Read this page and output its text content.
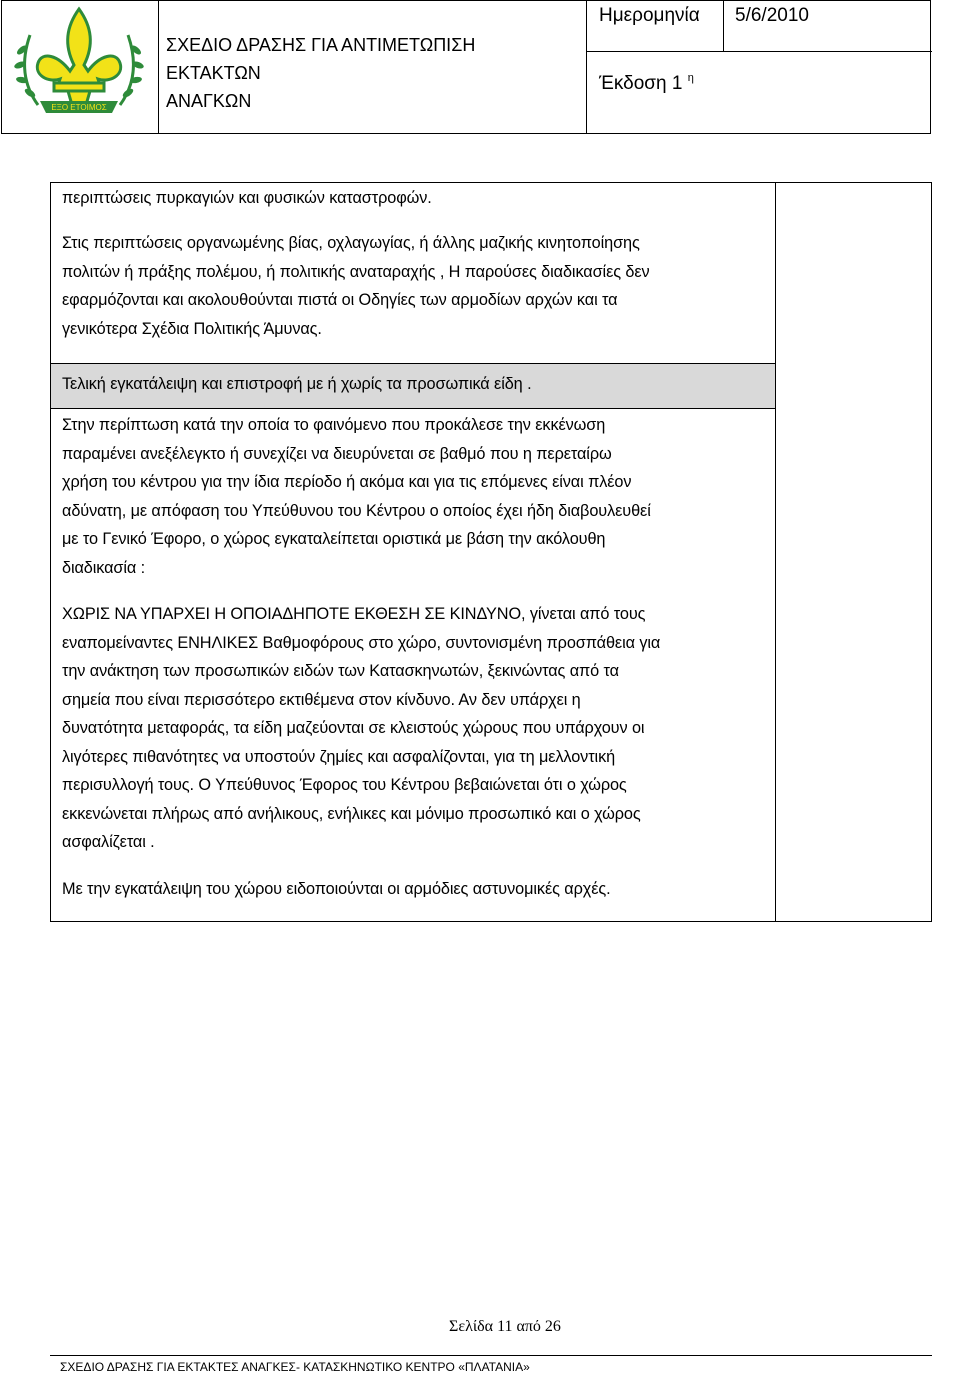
ΕΞΟ ΕΤΟΙΜΟΣ
ΣΧΕΔΙΟ ΔΡΑΣΗΣ ΓΙΑ ΑΝΤΙΜΕΤΩΠΙΣΗ ΕΚΤΑΚΤΩΝ
ΑΝΑΓΚΩΝ
Ημερομηνία 5/6/2010
Έκδοση 1 $^\eta$
περιπτώσεις πυρκαγιών και φυσικών καταστροφών.
Στις περιπτώσεις οργανωμένης βίας, οχλαγωγίας, ή άλλης μαζικής κινητοποίησης
πολιτών ή πράξης πολέμου, ή πολιτικής αναταραχής , Η παρούσες διαδικασίες δεν
εφαρμόζονται και ακολουθούνται πιστά οι Οδηγίες των αρμοδίων αρχών και τα
γενικότερα Σχέδια Πολιτικής Άμυνας.
Τελική εγκατάλειψη και επιστροφή με ή χωρίς τα προσωπικά είδη .
Στην περίπτωση κατά την οποία το φαινόμενο που προκάλεσε την εκκένωση
παραμένει ανεξέλεγκτο ή συνεχίζει να διευρύνεται σε βαθμό που η περεταίρω
χρήση του κέντρου για την ίδια περίοδο ή ακόμα και για τις επόμενες είναι πλέον
αδύνατη, με απόφαση του Υπεύθυνου του Κέντρου ο οποίος έχει ήδη διαβουλευθεί
με το Γενικό Έφορο, ο χώρος εγκαταλείπεται οριστικά με βάση την ακόλουθη
διαδικασία :
ΧΩΡΙΣ ΝΑ ΥΠΑΡΧΕΙ Η ΟΠΟΙΑΔΗΠΟΤΕ ΕΚΘΕΣΗ ΣΕ ΚΙΝΔΥΝΟ, γίνεται από τους
εναπομείναντες ΕΝΗΛΙΚΕΣ Βαθμοφόρους στο χώρο, συντονισμένη προσπάθεια για
την ανάκτηση των προσωπικών ειδών των Κατασκηνωτών, ξεκινώντας από τα
σημεία που είναι περισσότερο εκτιθέμενα στον κίνδυνο. Αν δεν υπάρχει η
δυνατότητα μεταφοράς, τα είδη μαζεύονται σε κλειστούς χώρους που υπάρχουν οι
λιγότερες πιθανότητες να υποστούν ζημίες και ασφαλίζονται, για τη μελλοντική
περισυλλογή τους. Ο Υπεύθυνος Έφορος του Κέντρου βεβαιώνεται ότι ο χώρος
εκκενώνεται πλήρως από ανήλικους, ενήλικες και μόνιμο προσωπικό και ο χώρος
ασφαλίζεται .
Με την εγκατάλειψη του χώρου ειδοποιούνται οι αρμόδιες αστυνομικές αρχές.
Σελίδα 11 από 26
ΣΧΕΔΙΟ ΔΡΑΣΗΣ ΓΙΑ ΕΚΤΑΚΤΕΣ ΑΝΑΓΚΕΣ- ΚΑΤΑΣΚΗΝΩΤΙΚΟ ΚΕΝΤΡΟ «ΠΛΑΤΑΝΙΑ»
